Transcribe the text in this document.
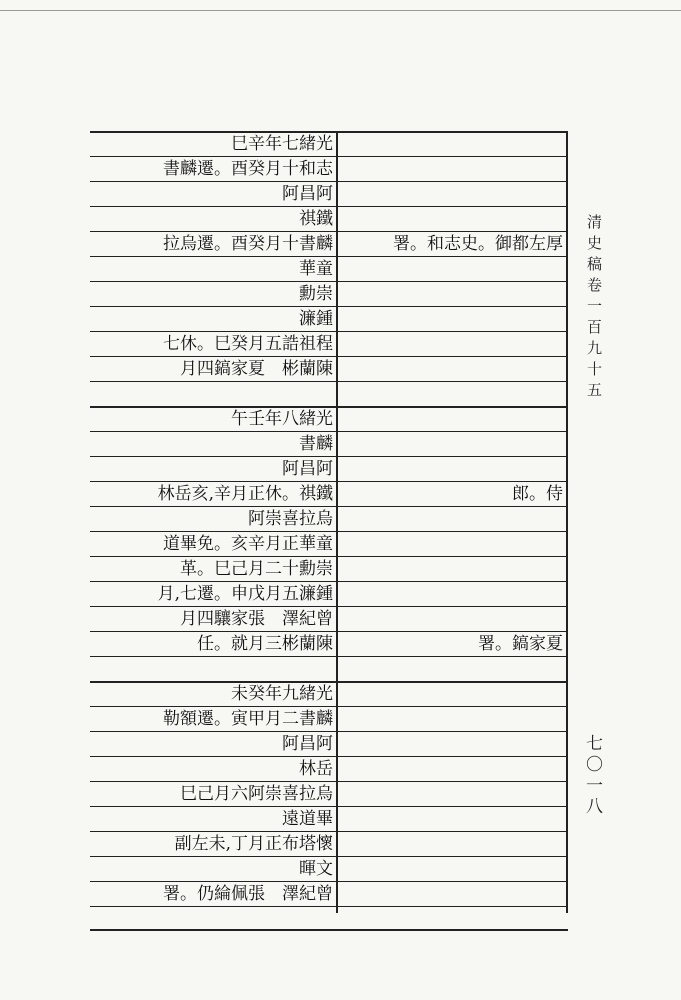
巳辛年七緒光
書麟遷。酉癸月十和志
阿昌阿
祺鐵
拉烏遷。酉癸月十書麟	署。和志史。御都左厚
華童
勳崇
濂鍾
七休。巳癸月五誥祖程
月四鎬家夏　彬蘭陳
午壬年八緒光
書麟
阿昌阿
林岳亥,辛月正休。祺鐵	郎。侍
阿崇喜拉烏
道畢免。亥辛月正華童
革。巳己月二十勳崇
月,七遷。申戊月五濂鍾
月四驤家張　澤紀曾
任。就月三彬蘭陳	署。鎬家夏
未癸年九緒光
勒額遷。寅甲月二書麟
阿昌阿
林岳
巳己月六阿崇喜拉烏
遠道畢
副左未,丁月正布塔懷
暉文
署。仍綸佩張　澤紀曾
清史稿卷一百九十五
七〇一八
